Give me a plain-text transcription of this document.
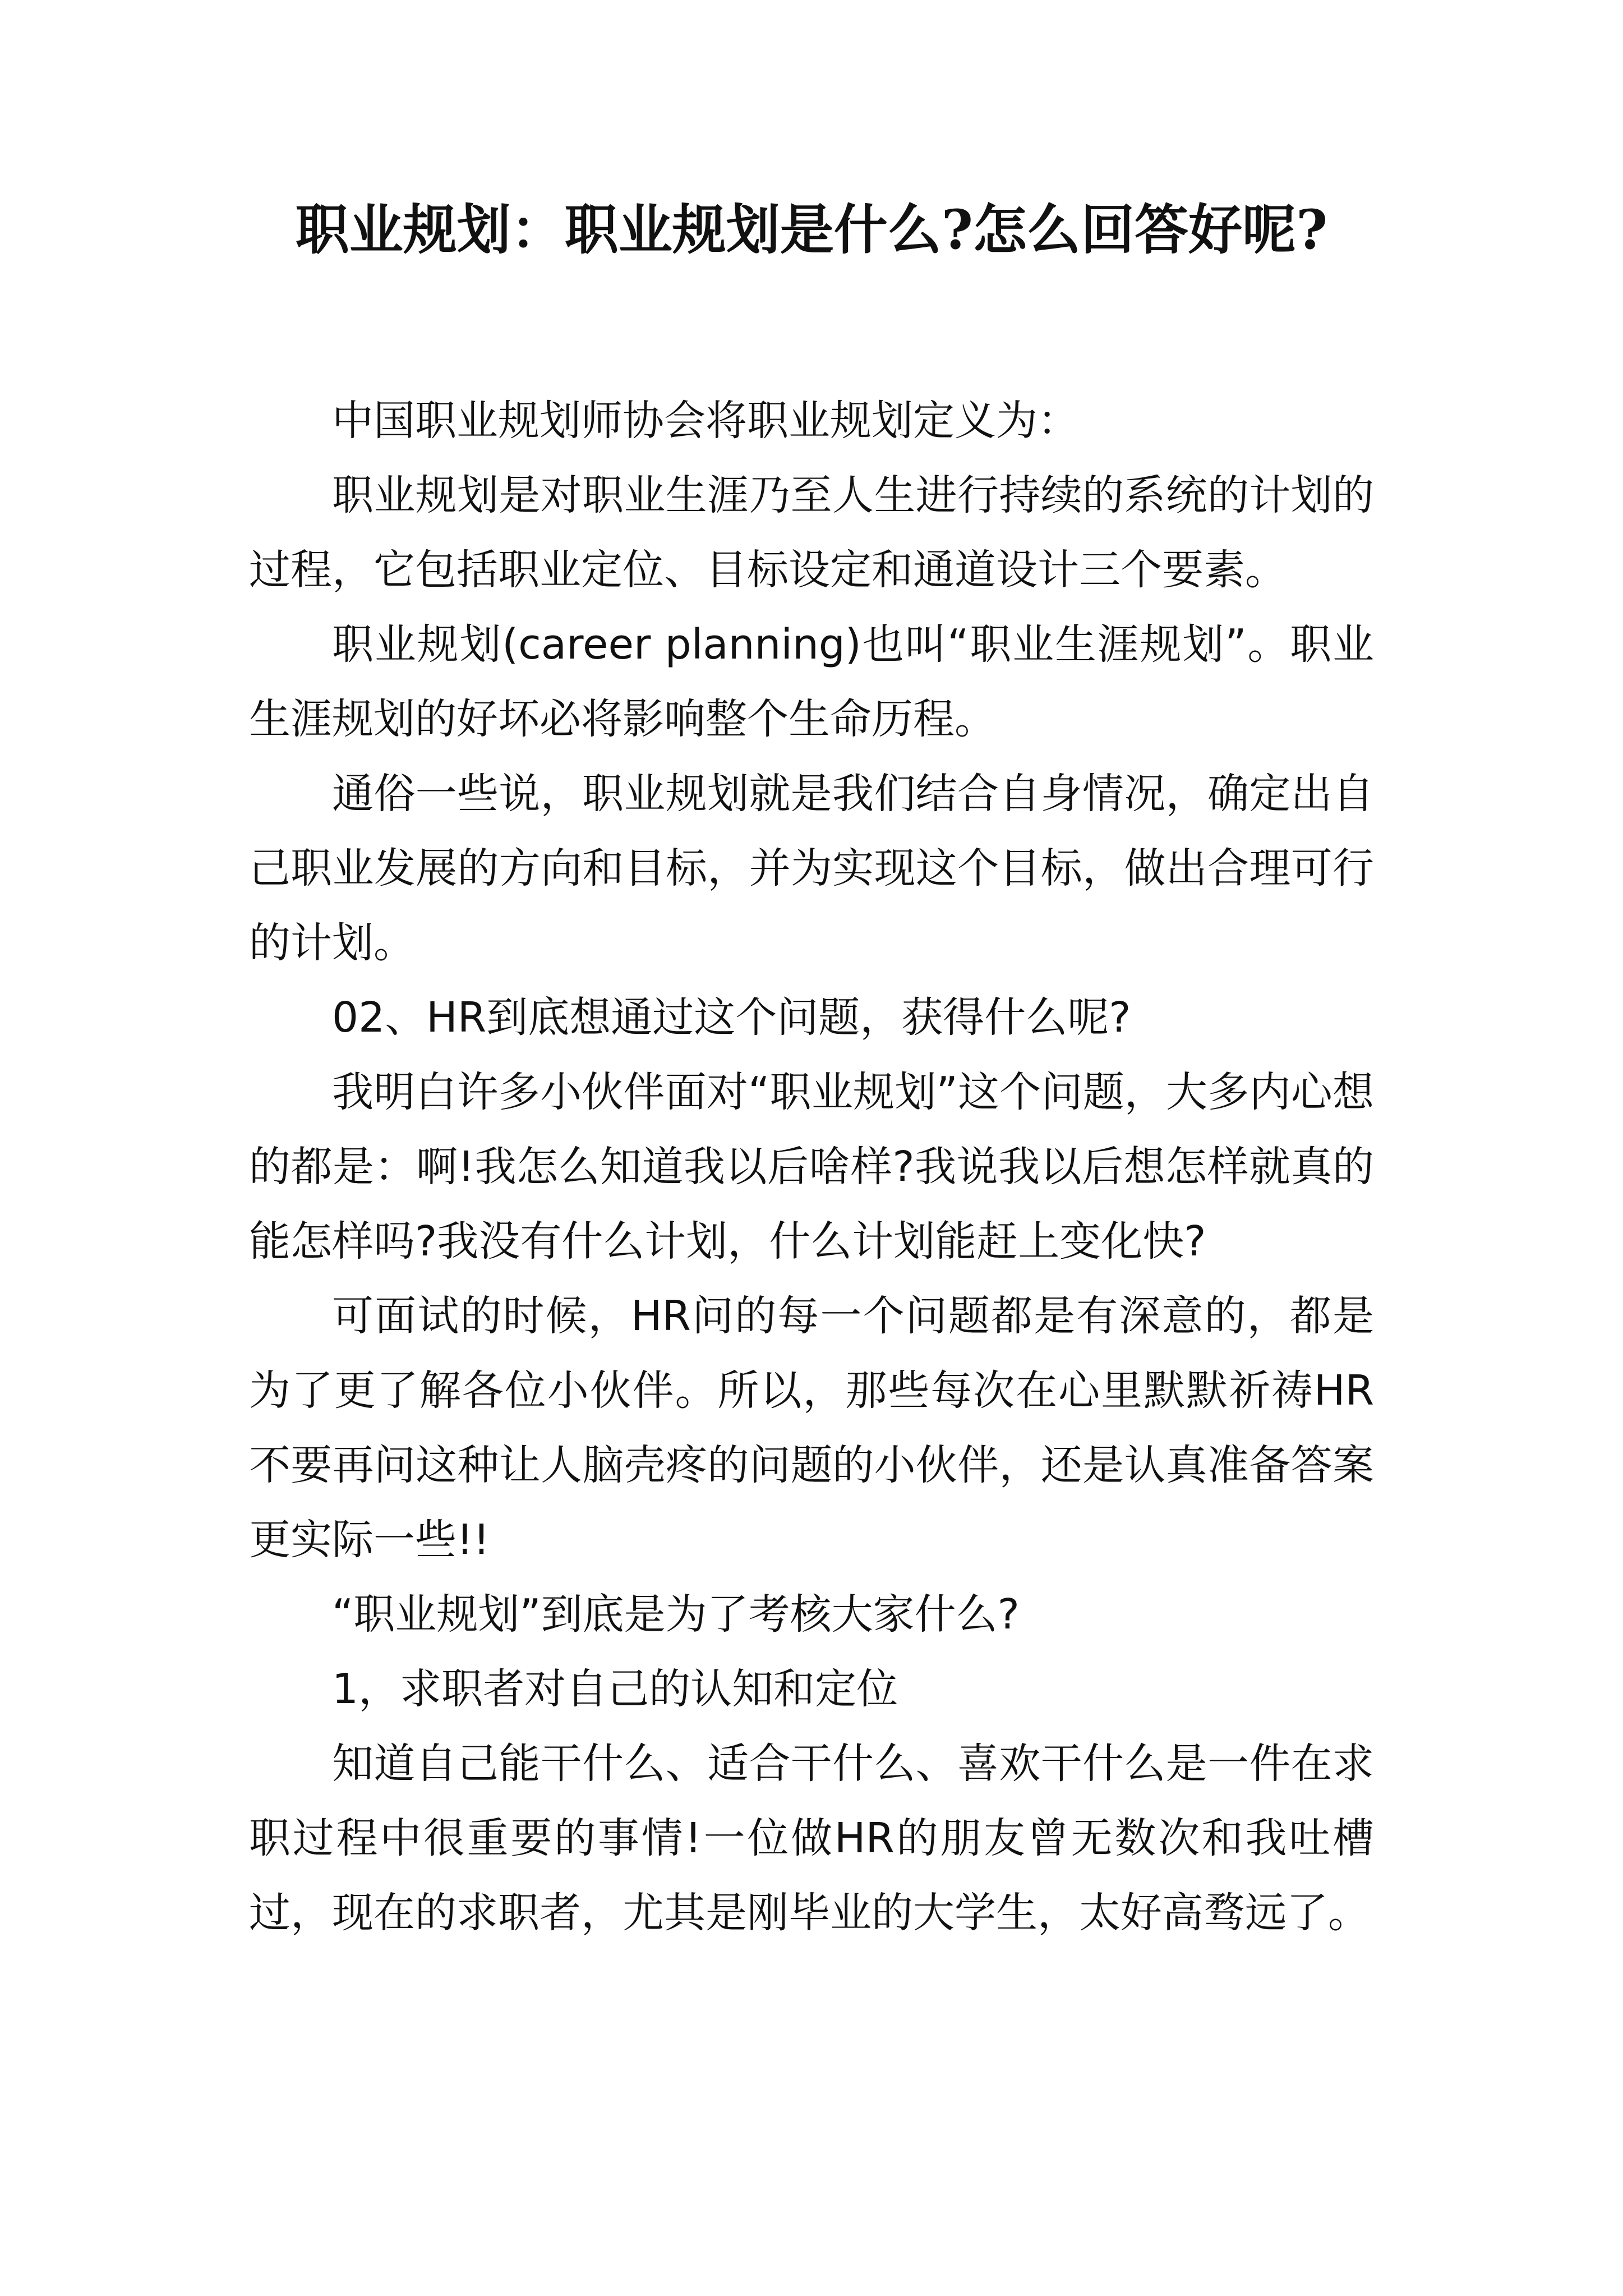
职业规划：职业规划是什么?怎么回答好呢?

中国职业规划师协会将职业规划定义为：

职业规划是对职业生涯乃至人生进行持续的系统的计划的过程，它包括职业定位、目标设定和通道设计三个要素。

职业规划(career planning)也叫“职业生涯规划”。职业生涯规划的好坏必将影响整个生命历程。

通俗一些说，职业规划就是我们结合自身情况，确定出自己职业发展的方向和目标，并为实现这个目标，做出合理可行的计划。

02、HR到底想通过这个问题，获得什么呢?

我明白许多小伙伴面对“职业规划”这个问题，大多内心想的都是：啊!我怎么知道我以后啥样?我说我以后想怎样就真的能怎样吗?我没有什么计划，什么计划能赶上变化快?

可面试的时候，HR问的每一个问题都是有深意的，都是为了更了解各位小伙伴。所以，那些每次在心里默默祈祷HR不要再问这种让人脑壳疼的问题的小伙伴，还是认真准备答案更实际一些!!

“职业规划”到底是为了考核大家什么?

1，求职者对自己的认知和定位

知道自己能干什么、适合干什么、喜欢干什么是一件在求职过程中很重要的事情!一位做HR的朋友曾无数次和我吐槽过，现在的求职者，尤其是刚毕业的大学生，太好高骛远了。
